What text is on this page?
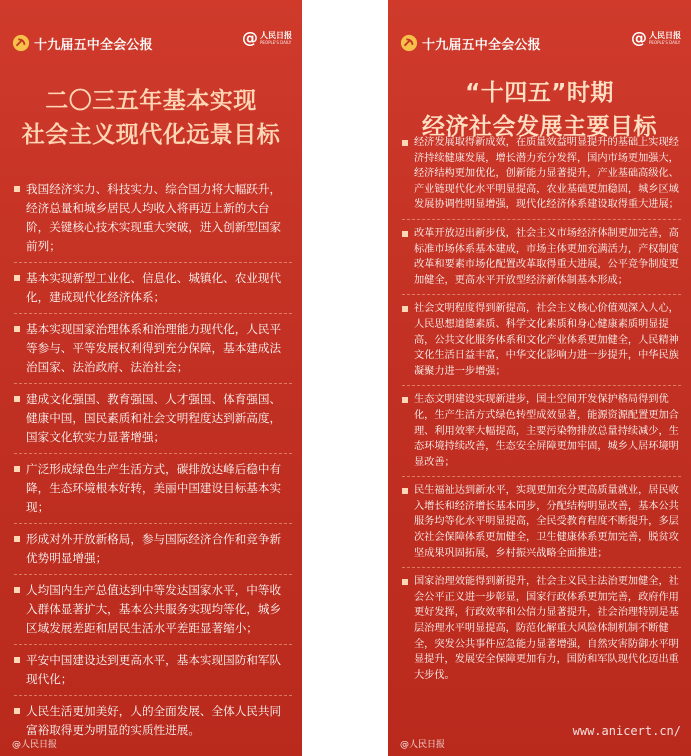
十九届五中全会公报	@ 人民日报
PEOPLE'S DAILY
二〇三五年基本实现
社会主义现代化远景目标
我国经济实力、科技实力、综合国力将大幅跃升，经济总量和城乡居民人均收入将再迈上新的大台阶，关键核心技术实现重大突破，进入创新型国家前列；
基本实现新型工业化、信息化、城镇化、农业现代化，建成现代化经济体系；
基本实现国家治理体系和治理能力现代化，人民平等参与、平等发展权利得到充分保障，基本建成法治国家、法治政府、法治社会；
建成文化强国、教育强国、人才强国、体育强国、健康中国，国民素质和社会文明程度达到新高度，国家文化软实力显著增强；
广泛形成绿色生产生活方式，碳排放达峰后稳中有降，生态环境根本好转，美丽中国建设目标基本实现；
形成对外开放新格局，参与国际经济合作和竞争新优势明显增强；
人均国内生产总值达到中等发达国家水平，中等收入群体显著扩大，基本公共服务实现均等化，城乡区域发展差距和居民生活水平差距显著缩小；
平安中国建设达到更高水平，基本实现国防和军队现代化；
人民生活更加美好，人的全面发展、全体人民共同富裕取得更为明显的实质性进展。
@人民日报
十九届五中全会公报	@ 人民日报
PEOPLE'S DAILY
“十四五”时期
经济社会发展主要目标
经济发展取得新成效，在质量效益明显提升的基础上实现经济持续健康发展，增长潜力充分发挥，国内市场更加强大，经济结构更加优化，创新能力显著提升，产业基础高级化、产业链现代化水平明显提高，农业基础更加稳固，城乡区域发展协调性明显增强，现代化经济体系建设取得重大进展；
改革开放迈出新步伐，社会主义市场经济体制更加完善，高标准市场体系基本建成，市场主体更加充满活力，产权制度改革和要素市场化配置改革取得重大进展，公平竞争制度更加健全，更高水平开放型经济新体制基本形成；
社会文明程度得到新提高，社会主义核心价值观深入人心，人民思想道德素质、科学文化素质和身心健康素质明显提高，公共文化服务体系和文化产业体系更加健全，人民精神文化生活日益丰富，中华文化影响力进一步提升，中华民族凝聚力进一步增强；
生态文明建设实现新进步，国土空间开发保护格局得到优化，生产生活方式绿色转型成效显著，能源资源配置更加合理、利用效率大幅提高，主要污染物排放总量持续减少，生态环境持续改善，生态安全屏障更加牢固，城乡人居环境明显改善；
民生福祉达到新水平，实现更加充分更高质量就业，居民收入增长和经济增长基本同步，分配结构明显改善，基本公共服务均等化水平明显提高，全民受教育程度不断提升，多层次社会保障体系更加健全，卫生健康体系更加完善，脱贫攻坚成果巩固拓展，乡村振兴战略全面推进；
国家治理效能得到新提升，社会主义民主法治更加健全，社会公平正义进一步彰显，国家行政体系更加完善，政府作用更好发挥，行政效率和公信力显著提升，社会治理特别是基层治理水平明显提高，防范化解重大风险体制机制不断健全，突发公共事件应急能力显著增强，自然灾害防御水平明显提升，发展安全保障更加有力，国防和军队现代化迈出重大步伐。
www.anicert.cn/
@人民日报
